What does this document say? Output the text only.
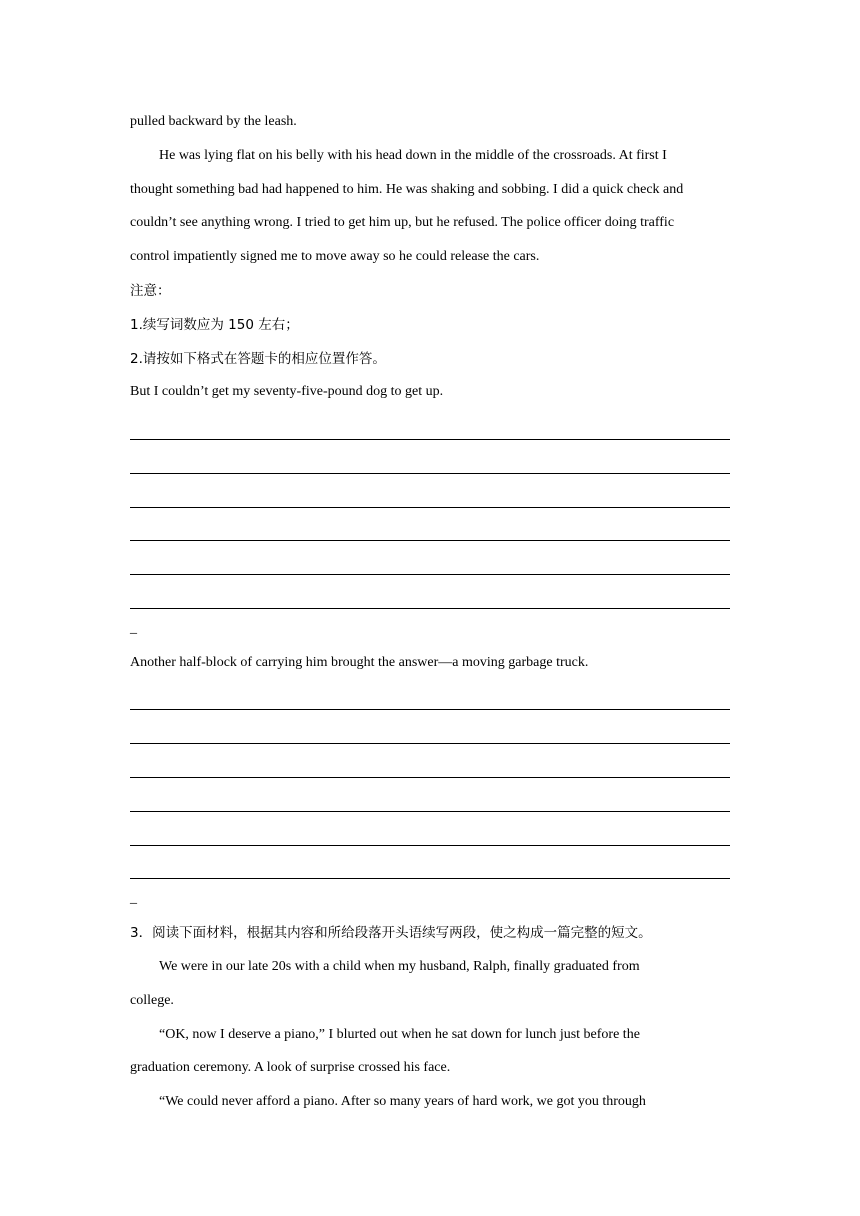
pulled backward by the leash.
He was lying flat on his belly with his head down in the middle of the crossroads. At first I
thought something bad had happened to him. He was shaking and sobbing. I did a quick check and
couldn’t see anything wrong. I tried to get him up, but he refused. The police officer doing traffic
control impatiently signed me to move away so he could release the cars.
注意：
1.续写词数应为 150 左右；
2.请按如下格式在答题卡的相应位置作答。
But I couldn’t get my seventy-five-pound dog to get up.
_
Another half-block of carrying him brought the answer—a moving garbage truck.
_
3．阅读下面材料，根据其内容和所给段落开头语续写两段，使之构成一篇完整的短文。
We were in our late 20s with a child when my husband, Ralph, finally graduated from
college.
“OK, now I deserve a piano,” I blurted out when he sat down for lunch just before the
graduation ceremony. A look of surprise crossed his face.
“We could never afford a piano. After so many years of hard work, we got you through
